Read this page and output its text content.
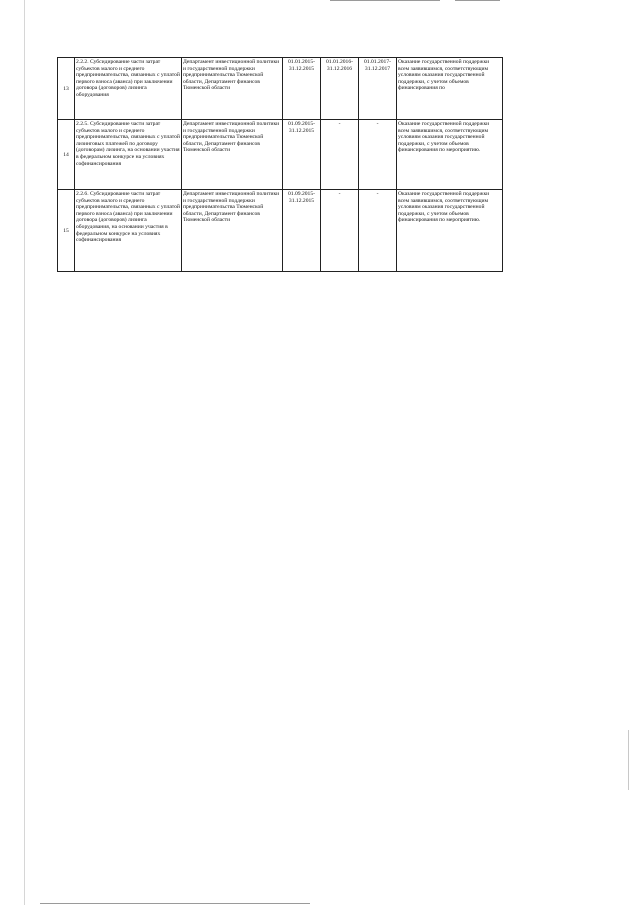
13	2.2.2. Субсидирование части затрат субъектов малого и среднего предпринимательства, связанных с уплатой первого взноса (аванса) при заключении договора (договоров) лизинга оборудования	Департамент инвестиционной политики и государственной поддержки предпринимательства Тюменской области, Департамент финансов Тюменской области	01.01.2015-31.12.2015	01.01.2016-31.12.2016	01.01.2017-31.12.2017	Оказание государственной поддержки всем заявившимся, соответствующим условиям оказания государственной поддержки, с учетом объемов финансирования по
14	2.2.5. Субсидирование части затрат субъектов малого и среднего предпринимательства, связанных с уплатой лизинговых платежей по договору (договорам) лизинга, на основании участия в федеральном конкурсе на условиях софинансирования	Департамент инвестиционной политики и государственной поддержки предпринимательства Тюменской области, Департамент финансов Тюменской области	01.09.2015-31.12.2015	-	-	Оказание государственной поддержки всем заявившимся, соответствующим условиям оказания государственной поддержки, с учетом объемов финансирования по мероприятию.
15	2.2.6. Субсидирование части затрат субъектов малого и среднего предпринимательства, связанных с уплатой первого взноса (аванса) при заключении договора (договоров) лизинга оборудования, на основании участия в федеральном конкурсе на условиях софинансирования	Департамент инвестиционной политики и государственной поддержки предпринимательства Тюменской области, Департамент финансов Тюменской области	01.09.2015-31.12.2015	-	-	Оказание государственной поддержки всем заявившимся, соответствующим условиям оказания государственной поддержки, с учетом объемов финансирования по мероприятию.
